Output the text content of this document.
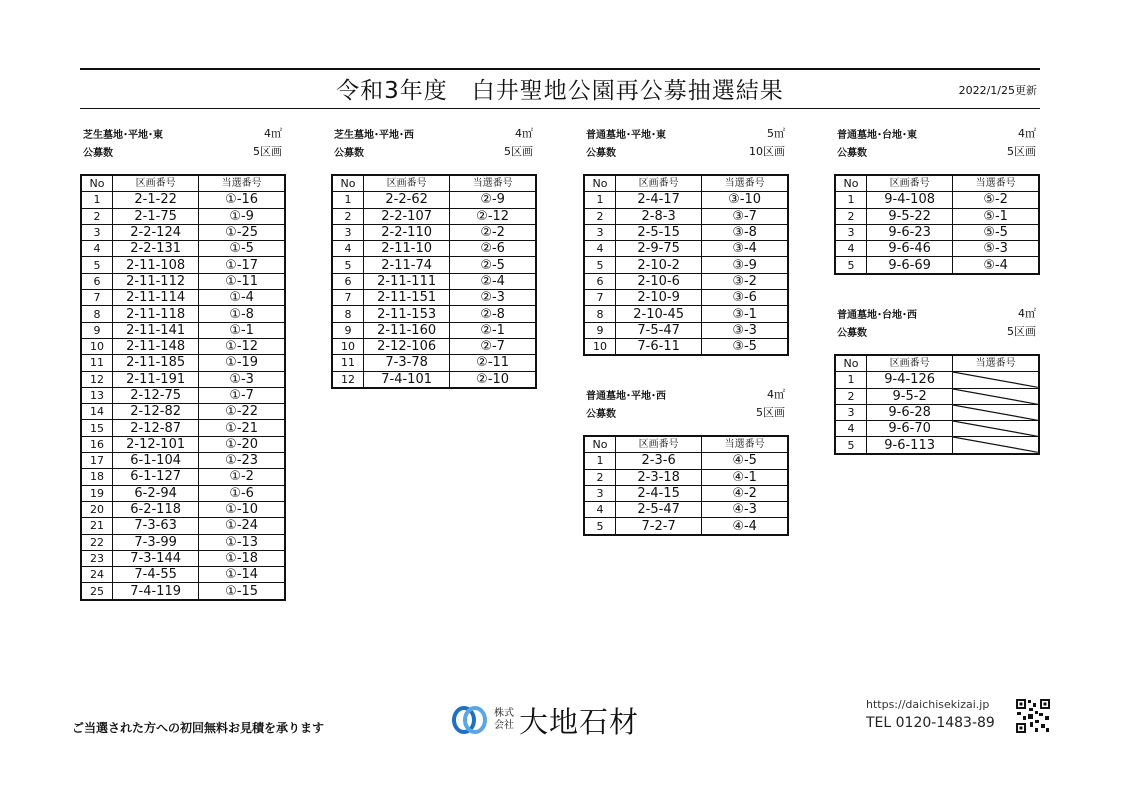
令和3年度　白井聖地公園再公募抽選結果	2022/1/25更新
芝生墓地･平地･東	4㎡
公募数	5区画
No	区画番号	当選番号
1	2-1-22	①-16
2	2-1-75	①-9
3	2-2-124	①-25
4	2-2-131	①-5
5	2-11-108	①-17
6	2-11-112	①-11
7	2-11-114	①-4
8	2-11-118	①-8
9	2-11-141	①-1
10	2-11-148	①-12
11	2-11-185	①-19
12	2-11-191	①-3
13	2-12-75	①-7
14	2-12-82	①-22
15	2-12-87	①-21
16	2-12-101	①-20
17	6-1-104	①-23
18	6-1-127	①-2
19	6-2-94	①-6
20	6-2-118	①-10
21	7-3-63	①-24
22	7-3-99	①-13
23	7-3-144	①-18
24	7-4-55	①-14
25	7-4-119	①-15
芝生墓地･平地･西	4㎡
公募数	5区画
No	区画番号	当選番号
1	2-2-62	②-9
2	2-2-107	②-12
3	2-2-110	②-2
4	2-11-10	②-6
5	2-11-74	②-5
6	2-11-111	②-4
7	2-11-151	②-3
8	2-11-153	②-8
9	2-11-160	②-1
10	2-12-106	②-7
11	7-3-78	②-11
12	7-4-101	②-10
普通墓地･平地･東	5㎡
公募数	10区画
No	区画番号	当選番号
1	2-4-17	③-10
2	2-8-3	③-7
3	2-5-15	③-8
4	2-9-75	③-4
5	2-10-2	③-9
6	2-10-6	③-2
7	2-10-9	③-6
8	2-10-45	③-1
9	7-5-47	③-3
10	7-6-11	③-5
普通墓地･平地･西	4㎡
公募数	5区画
No	区画番号	当選番号
1	2-3-6	④-5
2	2-3-18	④-1
3	2-4-15	④-2
4	2-5-47	④-3
5	7-2-7	④-4
普通墓地･台地･東	4㎡
公募数	5区画
No	区画番号	当選番号
1	9-4-108	⑤-2
2	9-5-22	⑤-1
3	9-6-23	⑤-5
4	9-6-46	⑤-3
5	9-6-69	⑤-4
普通墓地･台地･西	4㎡
公募数	5区画
No	区画番号	当選番号
1	9-4-126	

2	9-5-2	

3	9-6-28	

4	9-6-70	

5	9-6-113	
ご当選された方への初回無料お見積を承ります
株式
会社 大地石材	https://daichisekizai.jp
TEL 0120-1483-89
